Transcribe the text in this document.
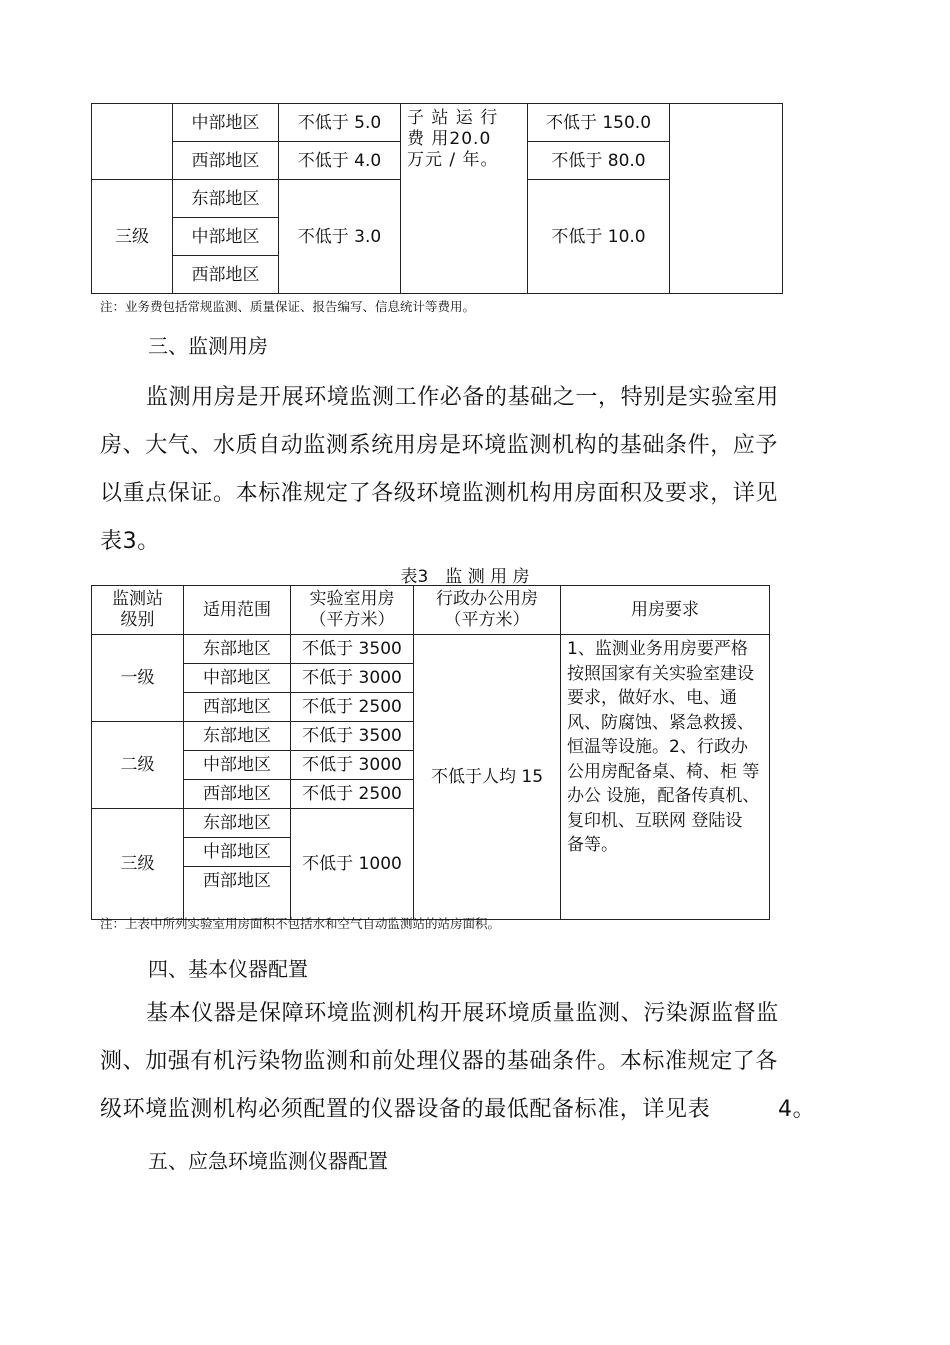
	中部地区	不低于 5.0	子 站 运 行 费 用20.0　万元 / 年。	不低于 150.0	
	西部地区	不低于 4.0		不低于 80.0	
三级	东部地区	不低于 3.0		不低于 10.0	
	中部地区				
	西部地区				
注：业务费包括常规监测、质量保证、报告编写、信息统计等费用。
三、监测用房
监测用房是开展环境监测工作必备的基础之一，特别是实验室用
房、大气、水质自动监测系统用房是环境监测机构的基础条件，应予
以重点保证。本标准规定了各级环境监测机构用房面积及要求，详见
表3。
表3　监 测 用 房
监测站级别	适用范围	实验室用房（平方米）	行政办公用房（平方米）	用房要求
一级	东部地区	不低于 3500	不低于人均 15	1、监测业务用房要严格按照国家有关实验室建设要求，做好水、电、通风、防腐蚀、紧急救援、恒温等设施。2、行政办公用房配备桌、椅、柜 等办公 设施，配备传真机、复印机、互联网 登陆设 备等。
	中部地区	不低于 3000		
	西部地区	不低于 2500		
二级	东部地区	不低于 3500		
	中部地区	不低于 3000		
	西部地区	不低于 2500		
三级	东部地区	不低于 1000		
	中部地区			
	西部地区			
注：上表中所列实验室用房面积不包括水和空气自动监测站的站房面积。
四、基本仪器配置
基本仪器是保障环境监测机构开展环境质量监测、污染源监督监
测、加强有机污染物监测和前处理仪器的基础条件。本标准规定了各
级环境监测机构必须配置的仪器设备的最低配备标准，详见表　　　4。
五、应急环境监测仪器配置
